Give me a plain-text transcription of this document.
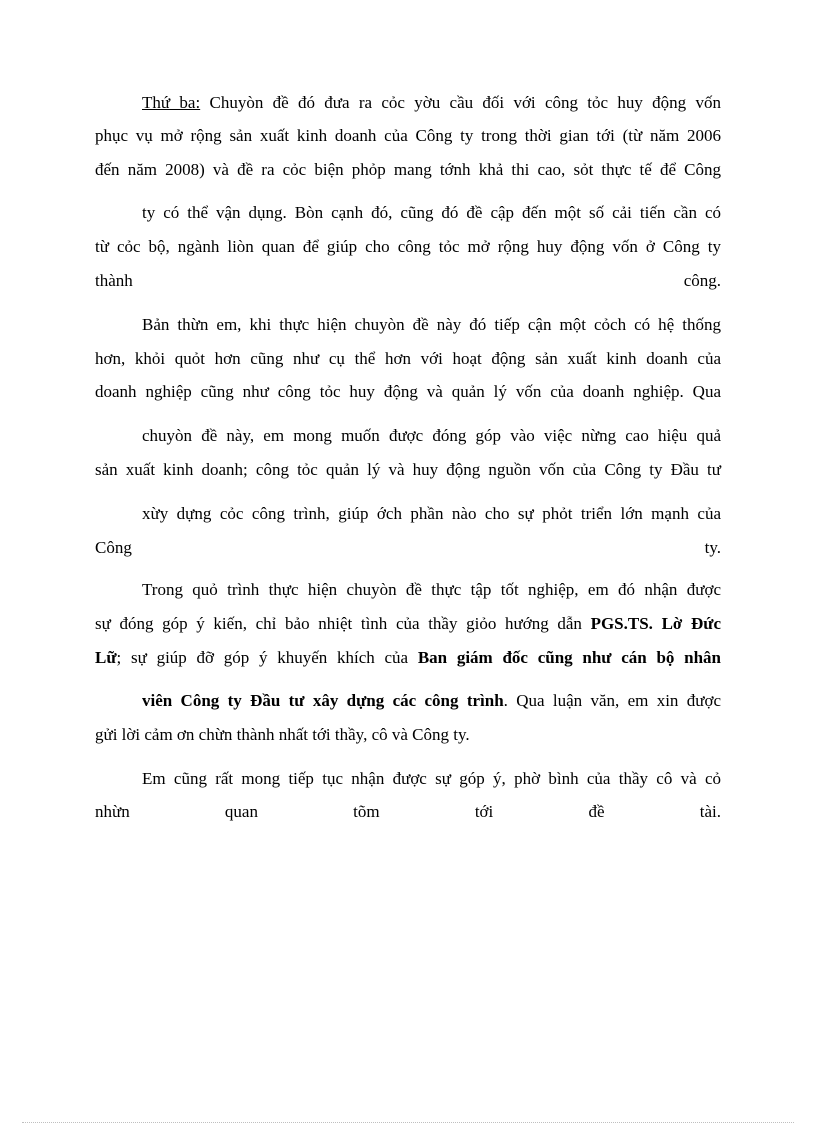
Thứ ba: Chuyòn đề đó đưa ra cỏc yờu cầu đối với công tỏc huy động vốn
phục vụ mở rộng sản xuất kinh doanh của Công ty trong thời gian tới (từ năm 2006
đến năm 2008) và đề ra cỏc biện phỏp mang tớnh khả thi cao, sỏt thực tế để Công
ty có thể vận dụng. Bòn cạnh đó, cũng đó đề cập đến một số cải tiến cần có
từ cỏc bộ, ngành liòn quan để giúp cho công tỏc mở rộng huy động vốn ở Công ty
thành	công.
Bản thừn em, khi thực hiện chuyòn đề này đó tiếp cận một cỏch có hệ thống
hơn, khỏi quỏt hơn cũng như cụ thể hơn với hoạt động sản xuất kinh doanh của
doanh nghiệp cũng như công tỏc huy động và quản lý vốn của doanh nghiệp. Qua
chuyòn đề này, em mong muốn được đóng góp vào việc nừng cao hiệu quả
sản xuất kinh doanh; công tỏc quản lý và huy động nguồn vốn của Công ty Đầu tư
xừy dựng cỏc công trình, giúp ớch phần nào cho sự phỏt triển lớn mạnh của
Công	ty.
Trong quỏ trình thực hiện chuyòn đề thực tập tốt nghiệp, em đó nhận được
sự đóng góp ý kiến, chỉ bảo nhiệt tình của thầy giỏo hướng dẫn PGS.TS. Lờ Đức
Lữ; sự giúp đỡ góp ý khuyến khích của Ban giám đốc cũng như cán bộ nhân
viên Công ty Đầu tư xây dựng các công trình. Qua luận văn, em xin được
gửi lời cảm ơn chừn thành nhất tới thầy, cô và Công ty.
Em cũng rất mong tiếp tục nhận được sự góp ý, phờ bình của thầy cô và cỏ
nhừn	quan	tõm	tới	đề	tài.
